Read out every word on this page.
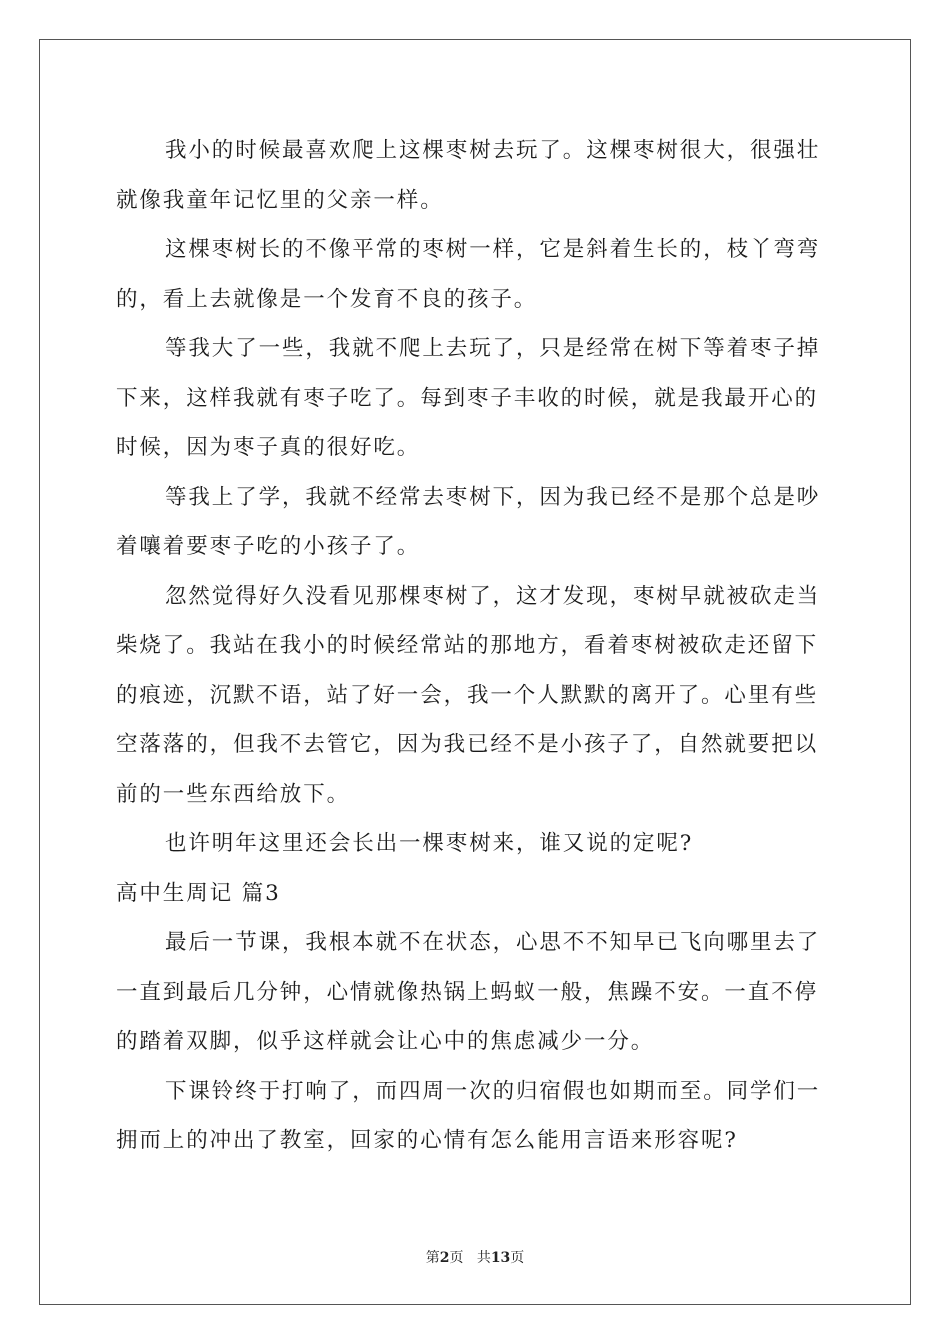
我小的时候最喜欢爬上这棵枣树去玩了。这棵枣树很大，很强壮
就像我童年记忆里的父亲一样。
这棵枣树长的不像平常的枣树一样，它是斜着生长的，枝丫弯弯
的，看上去就像是一个发育不良的孩子。
等我大了一些，我就不爬上去玩了，只是经常在树下等着枣子掉
下来，这样我就有枣子吃了。每到枣子丰收的时候，就是我最开心的
时候，因为枣子真的很好吃。
等我上了学，我就不经常去枣树下，因为我已经不是那个总是吵
着嚷着要枣子吃的小孩子了。
忽然觉得好久没看见那棵枣树了，这才发现，枣树早就被砍走当
柴烧了。我站在我小的时候经常站的那地方，看着枣树被砍走还留下
的痕迹，沉默不语，站了好一会，我一个人默默的离开了。心里有些
空落落的，但我不去管它，因为我已经不是小孩子了，自然就要把以
前的一些东西给放下。
也许明年这里还会长出一棵枣树来，谁又说的定呢?
高中生周记 篇3
最后一节课，我根本就不在状态，心思不不知早已飞向哪里去了
一直到最后几分钟，心情就像热锅上蚂蚁一般，焦躁不安。一直不停
的踏着双脚，似乎这样就会让心中的焦虑减少一分。
下课铃终于打响了，而四周一次的归宿假也如期而至。同学们一
拥而上的冲出了教室，回家的心情有怎么能用言语来形容呢?
第2页 共13页
